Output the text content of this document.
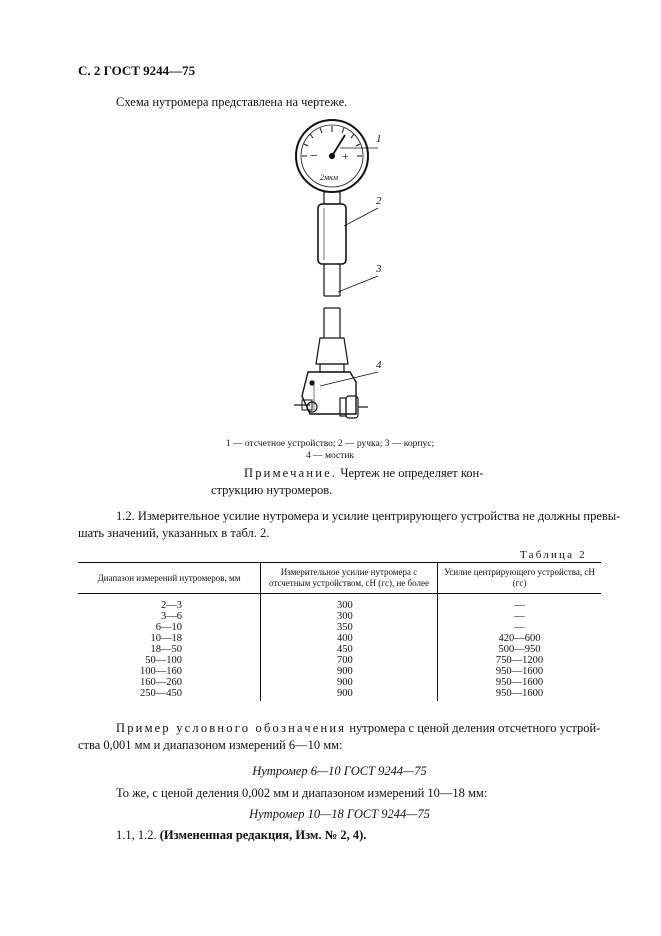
С. 2 ГОСТ 9244—75
Схема нутромера представлена на чертеже.
− +
2мкм
1
2
3
4
1 — отсчетное устройство; 2 — ручка; 3 — корпус;
4 — мостик
Примечание. Чертеж не определяет кон-
струкцию нутромеров.
1.2. Измерительное усилие нутромера и усилие центрирующего устройства не должны превы-
шать значений, указанных в табл. 2.
Таблица 2
Диапазон измерений нутромеров, мм	Измерительное усилие нутромера с отсчетным устройством, сН (гс), не более	Усилие центрирующего устройства, сН (гс)
2—3	300	—
3—6	300	—
6—10	350	—
10—18	400	420—600
18—50	450	500—950
50—100	700	750—1200
100—160	900	950—1600
160—260	900	950—1600
250—450	900	950—1600
Пример условного обозначения нутромера с ценой деления отсчетного устрой-
ства 0,001 мм и диапазоном измерений 6—10 мм:
Нутромер 6—10 ГОСТ 9244—75
То же, с ценой деления 0,002 мм и диапазоном измерений 10—18 мм:
Нутромер 10—18 ГОСТ 9244—75
1.1, 1.2. (Измененная редакция, Изм. № 2, 4).
